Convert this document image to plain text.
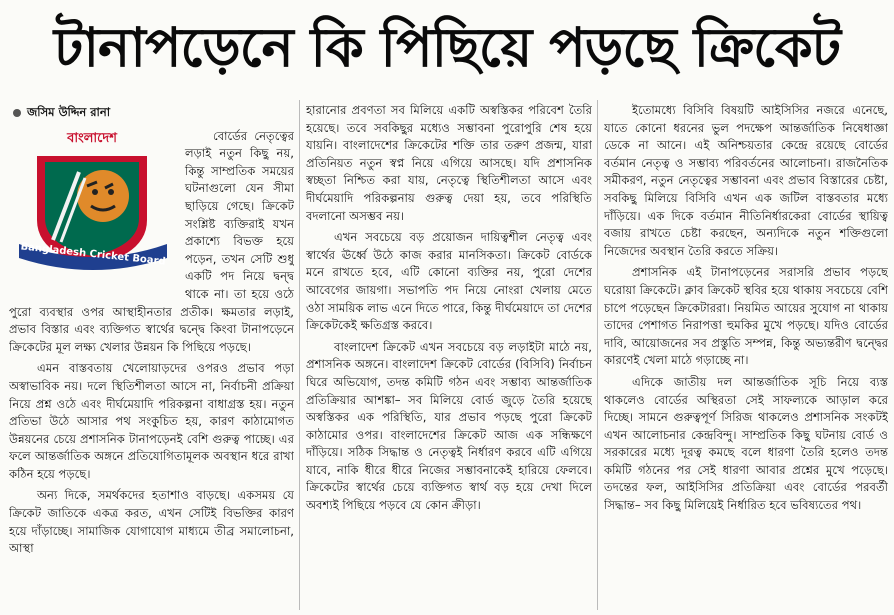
টানাপড়েনে কি পিছিয়ে পড়ছে ক্রিকেট
জসিম উদ্দিন রানা
বাংলাদেশ
Bangladesh Cricket Board

বোর্ডের নেতৃত্বের লড়াই নতুন কিছু নয়, কিন্তু সাম্প্রতিক সময়ের ঘটনাগুলো যেন সীমা ছাড়িয়ে গেছে। ক্রিকেট সংশ্লিষ্ট ব্যক্তিরাই যখন প্রকাশ্যে বিভক্ত হয়ে পড়েন, তখন সেটি শুধু একটি পদ নিয়ে দ্বন্দ্ব থাকে না। তা হয়ে ওঠে পুরো ব্যবস্থার ওপর আস্থাহীনতার প্রতীক। ক্ষমতার লড়াই, প্রভাব বিস্তার এবং ব্যক্তিগত স্বার্থের দ্বন্দ্বে কিংবা টানাপড়েনে ক্রিকেটের মূল লক্ষ্য খেলার উন্নয়ন কি পিছিয়ে পড়ছে।

এমন বাস্তবতায় খেলোয়াড়দের ওপরও প্রভাব পড়া অস্বাভাবিক নয়। দলে স্থিতিশীলতা আসে না, নির্বাচনী প্রক্রিয়া নিয়ে প্রশ্ন ওঠে এবং দীর্ঘমেয়াদি পরিকল্পনা বাধাগ্রস্ত হয়। নতুন প্রতিভা উঠে আসার পথ সংকুচিত হয়, কারণ কাঠামোগত উন্নয়নের চেয়ে প্রশাসনিক টানাপড়েনই বেশি গুরুত্ব পাচ্ছে। এর ফলে আন্তর্জাতিক অঙ্গনে প্রতিযোগিতামূলক অবস্থান ধরে রাখা কঠিন হয়ে পড়ছে।

অন্য দিকে, সমর্থকদের হতাশাও বাড়ছে। একসময় যে ক্রিকেট জাতিকে একত্র করত, এখন সেটিই বিভক্তির কারণ হয়ে দাঁড়াচ্ছে। সামাজিক যোগাযোগ মাধ্যমে তীব্র সমালোচনা, আস্থা

হারানোর প্রবণতা সব মিলিয়ে একটি অস্বস্তিকর পরিবেশ তৈরি হয়েছে। তবে সবকিছুর মধ্যেও সম্ভাবনা পুরোপুরি শেষ হয়ে যায়নি। বাংলাদেশের ক্রিকেটের শক্তি তার তরুণ প্রজন্ম, যারা প্রতিনিয়ত নতুন স্বপ্ন নিয়ে এগিয়ে আসছে। যদি প্রশাসনিক স্বচ্ছতা নিশ্চিত করা যায়, নেতৃত্বে স্থিতিশীলতা আসে এবং দীর্ঘমেয়াদি পরিকল্পনায় গুরুত্ব দেয়া হয়, তবে পরিস্থিতি বদলানো অসম্ভব নয়।

এখন সবচেয়ে বড় প্রয়োজন দায়িত্বশীল নেতৃত্ব এবং স্বার্থের ঊর্ধ্বে উঠে কাজ করার মানসিকতা। ক্রিকেট বোর্ডকে মনে রাখতে হবে, এটি কোনো ব্যক্তির নয়, পুরো দেশের আবেগের জায়গা। সভাপতি পদ নিয়ে নোংরা খেলায় মেতে ওঠা সাময়িক লাভ এনে দিতে পারে, কিন্তু দীর্ঘমেয়াদে তা দেশের ক্রিকেটকেই ক্ষতিগ্রস্ত করবে।

বাংলাদেশ ক্রিকেট এখন সবচেয়ে বড় লড়াইটা মাঠে নয়, প্রশাসনিক অঙ্গনে। বাংলাদেশ ক্রিকেট বোর্ডের (বিসিবি) নির্বাচন ঘিরে অভিযোগ, তদন্ত কমিটি গঠন এবং সম্ভাব্য আন্তর্জাতিক প্রতিক্রিয়ার আশঙ্কা– সব মিলিয়ে বোর্ড জুড়ে তৈরি হয়েছে অস্বস্তিকর এক পরিস্থিতি, যার প্রভাব পড়ছে পুরো ক্রিকেট কাঠামোর ওপর। বাংলাদেশের ক্রিকেট আজ এক সন্ধিক্ষণে দাঁড়িয়ে। সঠিক সিদ্ধান্ত ও নেতৃত্বই নির্ধারণ করবে এটি এগিয়ে যাবে, নাকি ধীরে ধীরে নিজের সম্ভাবনাকেই হারিয়ে ফেলবে। ক্রিকেটের স্বার্থের চেয়ে ব্যক্তিগত স্বার্থ বড় হয়ে দেখা দিলে অবশ্যই পিছিয়ে পড়বে যে কোন ক্রীড়া।

ইতোমধ্যে বিসিবি বিষয়টি আইসিসির নজরে এনেছে, যাতে কোনো ধরনের ভুল পদক্ষেপ আন্তর্জাতিক নিষেধাজ্ঞা ডেকে না আনে। এই অনিশ্চয়তার কেন্দ্রে রয়েছে বোর্ডের বর্তমান নেতৃত্ব ও সম্ভাব্য পরিবর্তনের আলোচনা। রাজনৈতিক সমীকরণ, নতুন নেতৃত্বের সম্ভাবনা এবং প্রভাব বিস্তারের চেষ্টা, সবকিছু মিলিয়ে বিসিবি এখন এক জটিল বাস্তবতার মধ্যে দাঁড়িয়ে। এক দিকে বর্তমান নীতিনির্ধারকেরা বোর্ডের স্থায়িত্ব বজায় রাখতে চেষ্টা করছেন, অন্যদিকে নতুন শক্তিগুলো নিজেদের অবস্থান তৈরি করতে সক্রিয়।

প্রশাসনিক এই টানাপড়েনের সরাসরি প্রভাব পড়ছে ঘরোয়া ক্রিকেটে। ক্লাব ক্রিকেট স্থবির হয়ে থাকায় সবচেয়ে বেশি চাপে পড়েছেন ক্রিকেটাররা। নিয়মিত আয়ের সুযোগ না থাকায় তাদের পেশাগত নিরাপত্তা হুমকির মুখে পড়ছে। যদিও বোর্ডের দাবি, আয়োজনের সব প্রস্তুতি সম্পন্ন, কিন্তু অভ্যন্তরীণ দ্বন্দ্বের কারণেই খেলা মাঠে গড়াচ্ছে না।

এদিকে জাতীয় দল আন্তর্জাতিক সূচি নিয়ে ব্যস্ত থাকলেও বোর্ডের অস্থিরতা সেই সাফল্যকে আড়াল করে দিচ্ছে। সামনে গুরুত্বপূর্ণ সিরিজ থাকলেও প্রশাসনিক সংকটই এখন আলোচনার কেন্দ্রবিন্দু। সাম্প্রতিক কিছু ঘটনায় বোর্ড ও সরকারের মধ্যে দূরত্ব কমছে বলে ধারণা তৈরি হলেও তদন্ত কমিটি গঠনের পর সেই ধারণা আবার প্রশ্নের মুখে পড়েছে। তদন্তের ফল, আইসিসির প্রতিক্রিয়া এবং বোর্ডের পরবর্তী সিদ্ধান্ত– সব কিছু মিলিয়েই নির্ধারিত হবে ভবিষ্যতের পথ।
